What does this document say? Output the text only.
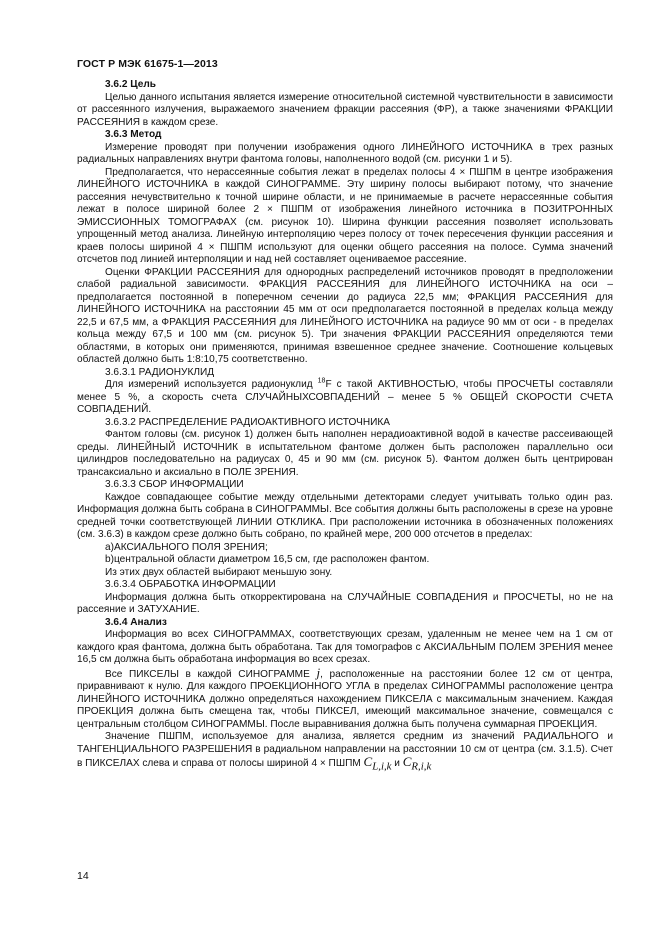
ГОСТ Р МЭК 61675-1—2013

3.6.2 Цель

Целью данного испытания является измерение относительной системной чувствительности в зависимости от рассеянного излучения, выражаемого значением фракции рассеяния (ФР), а также значениями ФРАКЦИИ РАССЕЯНИЯ в каждом срезе.

3.6.3 Метод

Измерение проводят при получении изображения одного ЛИНЕЙНОГО ИСТОЧНИКА в трех разных радиальных направлениях внутри фантома головы, наполненного водой (см. рисунки 1 и 5).

Предполагается, что нерассеянные события лежат в пределах полосы 4 × ПШПМ в центре изображения ЛИНЕЙНОГО ИСТОЧНИКА в каждой СИНОГРАММЕ. Эту ширину полосы выбирают потому, что значение рассеяния нечувствительно к точной ширине области, и не принимаемые в расчете нерассеянные события лежат в полосе шириной более 2 × ПШПМ от изображения линейного источника в ПОЗИТРОННЫХ ЭМИССИОННЫХ ТОМОГРАФАХ (см. рисунок 10). Ширина функции рассеяния позволяет использовать упрощенный метод анализа. Линейную интерполяцию через полосу от точек пересечения функции рассеяния и краев полосы шириной 4 × ПШПМ используют для оценки общего рассеяния на полосе. Сумма значений отсчетов под линией интерполяции и над ней составляет оцениваемое рассеяние.

Оценки ФРАКЦИИ РАССЕЯНИЯ для однородных распределений источников проводят в предположении слабой радиальной зависимости. ФРАКЦИЯ РАССЕЯНИЯ для ЛИНЕЙНОГО ИСТОЧНИКА на оси – предполагается постоянной в поперечном сечении до радиуса 22,5 мм; ФРАКЦИЯ РАССЕЯНИЯ для ЛИНЕЙНОГО ИСТОЧНИКА на расстоянии 45 мм от оси предполагается постоянной в пределах кольца между 22,5 и 67,5 мм, а ФРАКЦИЯ РАССЕЯНИЯ для ЛИНЕЙНОГО ИСТОЧНИКА на радиусе 90 мм от оси - в пределах кольца между 67,5 и 100 мм (см. рисунок 5). Три значения ФРАКЦИИ РАССЕЯНИЯ определяются теми областями, в которых они применяются, принимая взвешенное среднее значение. Соотношение кольцевых областей должно быть 1:8:10,75 соответственно.

3.6.3.1 РАДИОНУКЛИД

Для измерений используется радионуклид $^{18}$F с такой АКТИВНОСТЬЮ, чтобы ПРОСЧЕТЫ составляли менее 5 %, а скорость счета СЛУЧАЙНЫХСОВПАДЕНИЙ – менее 5 % ОБЩЕЙ СКОРОСТИ СЧЕТА СОВПАДЕНИЙ.

3.6.3.2 РАСПРЕДЕЛЕНИЕ РАДИОАКТИВНОГО ИСТОЧНИКА

Фантом головы (см. рисунок 1) должен быть наполнен нерадиоактивной водой в качестве рассеивающей среды. ЛИНЕЙНЫЙ ИСТОЧНИК в испытательном фантоме должен быть расположен параллельно оси цилиндров последовательно на радиусах 0, 45 и 90 мм (см. рисунок 5). Фантом должен быть центрирован трансаксиально и аксиально в ПОЛЕ ЗРЕНИЯ.

3.6.3.3 СБОР ИНФОРМАЦИИ

Каждое совпадающее событие между отдельными детекторами следует учитывать только один раз. Информация должна быть собрана в СИНОГРАММЫ. Все события должны быть расположены в срезе на уровне средней точки соответствующей ЛИНИИ ОТКЛИКА. При расположении источника в обозначенных положениях (см. 3.6.3) в каждом срезе должно быть собрано, по крайней мере, 200 000 отсчетов в пределах:

а)АКСИАЛЬНОГО ПОЛЯ ЗРЕНИЯ;

b)центральной области диаметром 16,5 см, где расположен фантом.

Из этих двух областей выбирают меньшую зону.

3.6.3.4 ОБРАБОТКА ИНФОРМАЦИИ

Информация должна быть откорректирована на СЛУЧАЙНЫЕ СОВПАДЕНИЯ и ПРОСЧЕТЫ, но не на рассеяние и ЗАТУХАНИЕ.

3.6.4 Анализ

Информация во всех СИНОГРАММАХ, соответствующих срезам, удаленным не менее чем на 1 см от каждого края фантома, должна быть обработана. Так для томографов с АКСИАЛЬНЫМ ПОЛЕМ ЗРЕНИЯ менее 16,5 см должна быть обработана информация во всех срезах.

Все ПИКСЕЛЫ в каждой СИНОГРАММЕ j, расположенные на расстоянии более 12 см от центра, приравнивают к нулю. Для каждого ПРОЕКЦИОННОГО УГЛА в пределах СИНОГРАММЫ расположение центра ЛИНЕЙНОГО ИСТОЧНИКА должно определяться нахождением ПИКСЕЛА с максимальным значением. Каждая ПРОЕКЦИЯ должна быть смещена так, чтобы ПИКСЕЛ, имеющий максимальное значение, совмещался с центральным столбцом СИНОГРАММЫ. После выравнивания должна быть получена суммарная ПРОЕКЦИЯ.

Значение ПШПМ, используемое для анализа, является средним из значений РАДИАЛЬНОГО и ТАНГЕНЦИАЛЬНОГО РАЗРЕШЕНИЯ в радиальном направлении на расстоянии 10 см от центра (см. 3.1.5). Счет в ПИКСЕЛАХ слева и справа от полосы шириной 4 × ПШПМ $C_{L,i,k}$ и $C_{R,i,k}$

14
